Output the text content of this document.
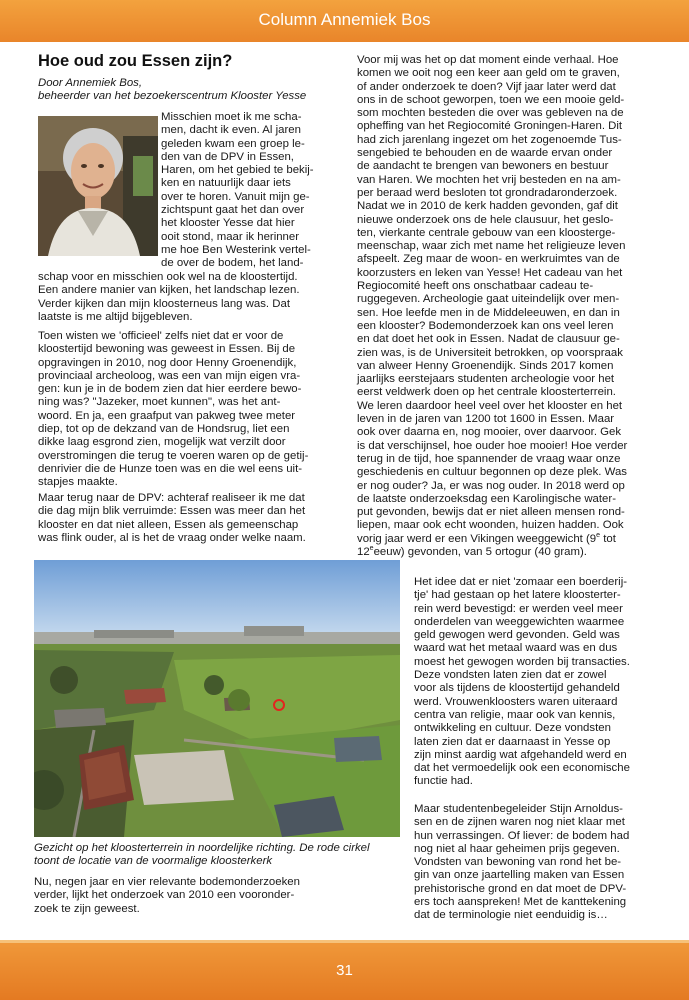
Column Annemiek Bos
Hoe oud zou Essen zijn?
Door Annemiek Bos,
beheerder van het bezoekerscentrum Klooster Yesse
Misschien moet ik me scha-
men, dacht ik even. Al jaren
geleden kwam een groep le-
den van de DPV in Essen,
Haren, om het gebied te bekij-
ken en natuurlijk daar iets
over te horen. Vanuit mijn ge-
zichtspunt gaat het dan over
het klooster Yesse dat hier
ooit stond, maar ik herinner
me hoe Ben Westerink vertel-
de over de bodem, het land-
schap voor en misschien ook wel na de kloostertijd.
Een andere manier van kijken, het landschap lezen.
Verder kijken dan mijn kloosterneus lang was. Dat
laatste is me altijd bijgebleven.
Toen wisten we 'officieel' zelfs niet dat er voor de
kloostertijd bewoning was geweest in Essen. Bij de
opgravingen in 2010, nog door Henny Groenendijk,
provinciaal archeoloog, was een van mijn eigen vra-
gen: kun je in de bodem zien dat hier eerdere bewo-
ning was? "Jazeker, moet kunnen", was het ant-
woord. En ja, een graafput van pakweg twee meter
diep, tot op de dekzand van de Hondsrug, liet een
dikke laag esgrond zien, mogelijk wat verzilt door
overstromingen die terug te voeren waren op de getij-
denrivier die de Hunze toen was en die wel eens uit-
stapjes maakte.
Maar terug naar de DPV: achteraf realiseer ik me dat
die dag mijn blik verruimde: Essen was meer dan het
klooster en dat niet alleen, Essen als gemeenschap
was flink ouder, al is het de vraag onder welke naam.
Voor mij was het op dat moment einde verhaal. Hoe
komen we ooit nog een keer aan geld om te graven,
of ander onderzoek te doen? Vijf jaar later werd dat
ons in de schoot geworpen, toen we een mooie geld-
som mochten besteden die over was gebleven na de
opheffing van het Regiocomité Groningen-Haren. Dit
had zich jarenlang ingezet om het zogenoemde Tus-
sengebied te behouden en de waarde ervan onder
de aandacht te brengen van bewoners en bestuur
van Haren. We mochten het vrij besteden en na am-
per beraad werd besloten tot grondradaronderzoek.
Nadat we in 2010 de kerk hadden gevonden, gaf dit
nieuwe onderzoek ons de hele clausuur, het geslo-
ten, vierkante centrale gebouw van een kloosterge-
meenschap, waar zich met name het religieuze leven
afspeelt. Zeg maar de woon- en werkruimtes van de
koorzusters en leken van Yesse! Het cadeau van het
Regiocomité heeft ons onschatbaar cadeau te-
ruggegeven. Archeologie gaat uiteindelijk over men-
sen. Hoe leefde men in de Middeleeuwen, en dan in
een klooster? Bodemonderzoek kan ons veel leren
en dat doet het ook in Essen. Nadat de clausuur ge-
zien was, is de Universiteit betrokken, op voorspraak
van alweer Henny Groenendijk. Sinds 2017 komen
jaarlijks eerstejaars studenten archeologie voor het
eerst veldwerk doen op het centrale kloosterterrein.
We leren daardoor heel veel over het klooster en het
leven in de jaren van 1200 tot 1600 in Essen. Maar
ook over daarna en, nog mooier, over daarvoor. Gek
is dat verschijnsel, hoe ouder hoe mooier! Hoe verder
terug in de tijd, hoe spannender de vraag waar onze
geschiedenis en cultuur begonnen op deze plek. Was
er nog ouder? Ja, er was nog ouder. In 2018 werd op
de laatste onderzoeksdag een Karolingische water-
put gevonden, bewijs dat er niet alleen mensen rond-
liepen, maar ook echt woonden, huizen hadden. Ook
vorig jaar werd er een Vikingen weeggewicht (9e tot
12eeeuw) gevonden, van 5 ortogur (40 gram).
Gezicht op het kloosterterrein in noordelijke richting. De rode cirkel
toont de locatie van de voormalige kloosterkerk
Nu, negen jaar en vier relevante bodemonderzoeken
verder, lijkt het onderzoek van 2010 een vooronder-
zoek te zijn geweest.
Het idee dat er niet 'zomaar een boerderij-
tje' had gestaan op het latere kloosterter-
rein werd bevestigd: er werden veel meer
onderdelen van weeggewichten waarmee
geld gewogen werd gevonden. Geld was
waard wat het metaal waard was en dus
moest het gewogen worden bij transacties.
Deze vondsten laten zien dat er zowel
voor als tijdens de kloostertijd gehandeld
werd. Vrouwenkloosters waren uiteraard
centra van religie, maar ook van kennis,
ontwikkeling en cultuur. Deze vondsten
laten zien dat er daarnaast in Yesse op
zijn minst aardig wat afgehandeld werd en
dat het vermoedelijk ook een economische
functie had.
Maar studentenbegeleider Stijn Arnoldus-
sen en de zijnen waren nog niet klaar met
hun verrassingen. Of liever: de bodem had
nog niet al haar geheimen prijs gegeven.
Vondsten van bewoning van rond het be-
gin van onze jaartelling maken van Essen
prehistorische grond en dat moet de DPV-
ers toch aanspreken! Met de kanttekening
dat de terminologie niet eenduidig is…
31
